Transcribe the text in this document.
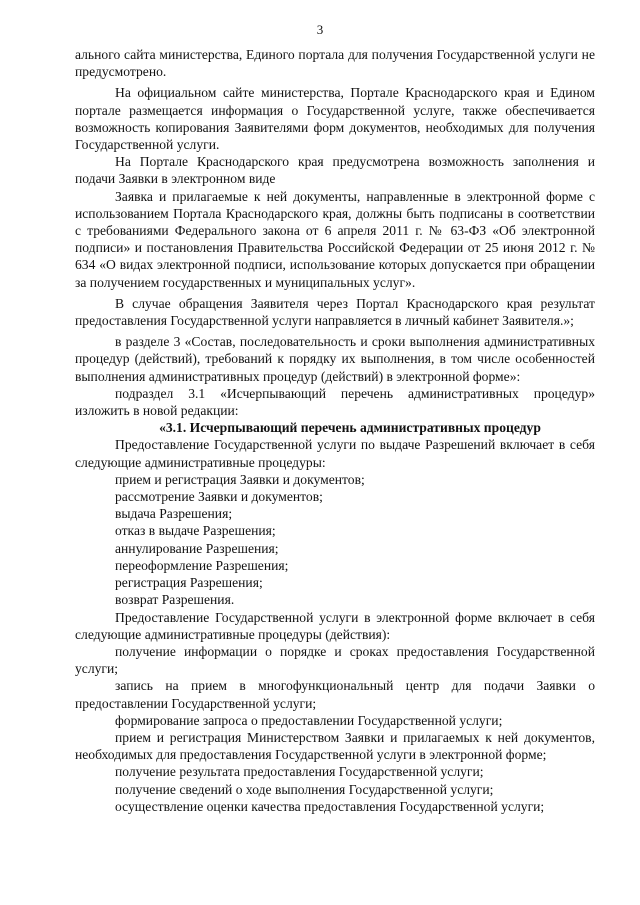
3

ального сайта министерства, Единого портала для получения Государственной услуги не предусмотрено.

На официальном сайте министерства, Портале Краснодарского края и Едином портале размещается информация о Государственной услуге, также обеспечивается возможность копирования Заявителями форм документов, необходимых для получения Государственной услуги.

На Портале Краснодарского края предусмотрена возможность заполнения и подачи Заявки в электронном виде

Заявка и прилагаемые к ней документы, направленные в электронной форме с использованием Портала Краснодарского края, должны быть подписаны в соответствии с требованиями Федерального закона от 6 апреля 2011 г. № 63-ФЗ «Об электронной подписи» и постановления Правительства Российской Федерации от 25 июня 2012 г. № 634 «О видах электронной подписи, использование которых допускается при обращении за получением государственных и муниципальных услуг».

В случае обращения Заявителя через Портал Краснодарского края результат предоставления Государственной услуги направляется в личный кабинет Заявителя.»;

в разделе 3 «Состав, последовательность и сроки выполнения административных процедур (действий), требований к порядку их выполнения, в том числе особенностей выполнения административных процедур (действий) в электронной форме»:

подраздел 3.1 «Исчерпывающий перечень административных процедур» изложить в новой редакции:

«3.1. Исчерпывающий перечень административных процедур

Предоставление Государственной услуги по выдаче Разрешений включает в себя следующие административные процедуры:

прием и регистрация Заявки и документов;

рассмотрение Заявки и документов;

выдача Разрешения;

отказ в выдаче Разрешения;

аннулирование Разрешения;

переоформление Разрешения;

регистрация Разрешения;

возврат Разрешения.

Предоставление Государственной услуги в электронной форме включает в себя следующие административные процедуры (действия):

получение информации о порядке и сроках предоставления Государственной услуги;

запись на прием в многофункциональный центр для подачи Заявки о предоставлении Государственной услуги;

формирование запроса о предоставлении Государственной услуги;

прием и регистрация Министерством Заявки и прилагаемых к ней документов, необходимых для предоставления Государственной услуги в электронной форме;

получение результата предоставления Государственной услуги;

получение сведений о ходе выполнения Государственной услуги;

осуществление оценки качества предоставления Государственной услуги;
